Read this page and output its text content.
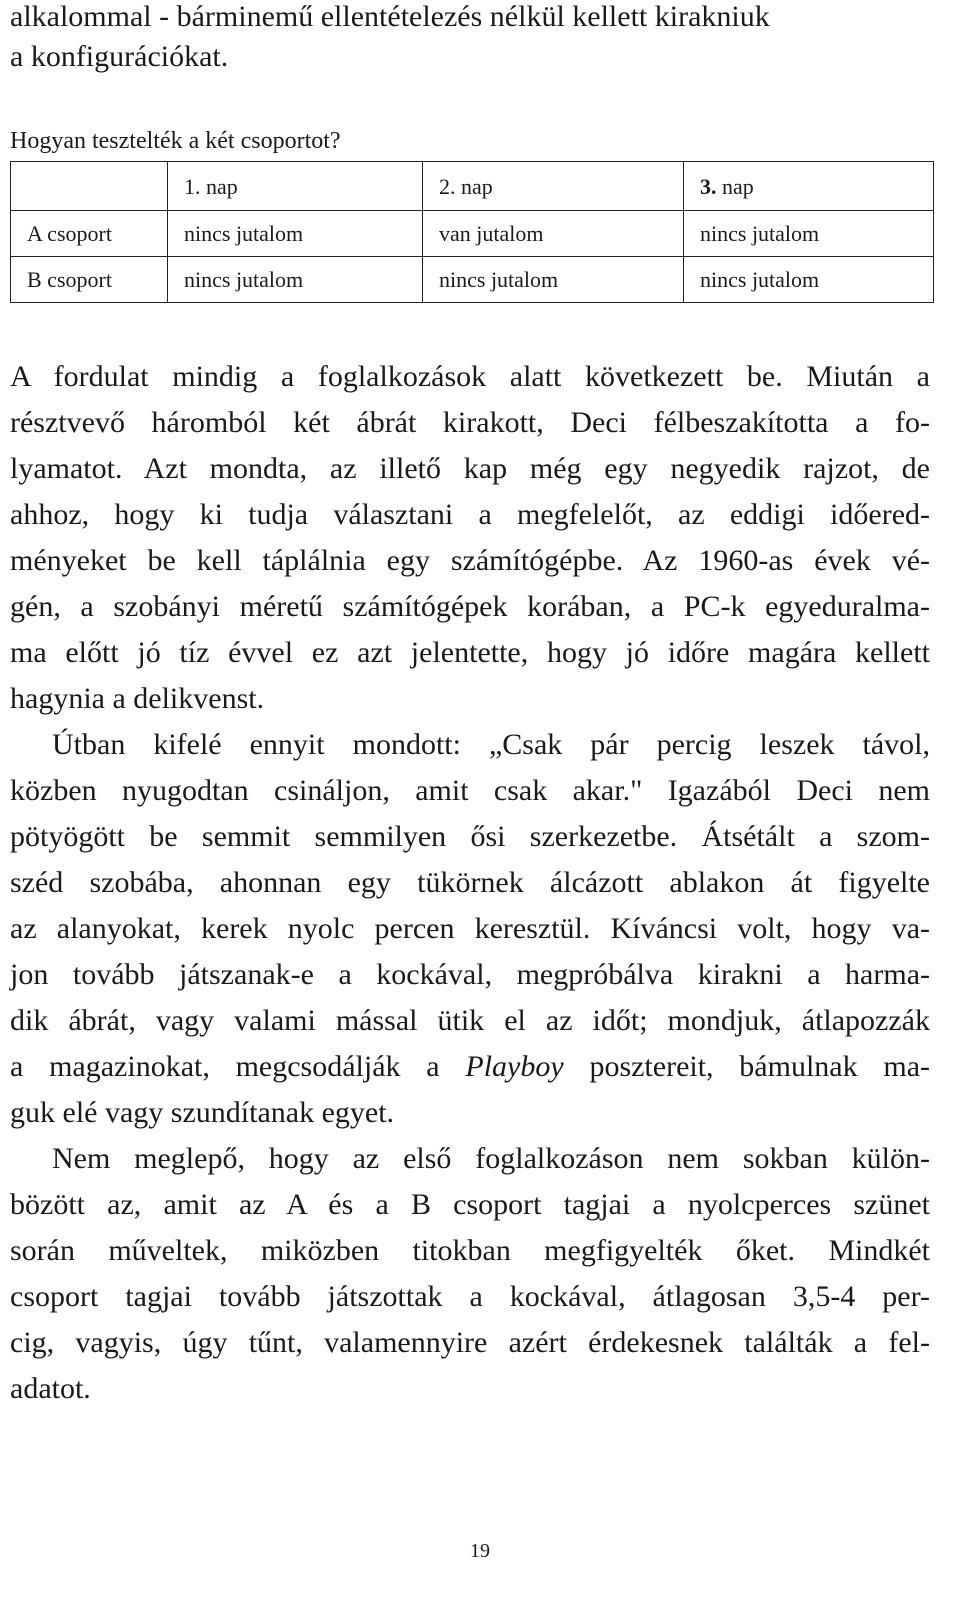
alkalommal - bárminemű ellentételezés nélkül kellett kirakniuk
a konfigurációkat.
Hogyan tesztelték a két csoportot?
	1. nap	2. nap	3. nap
A csoport	nincs jutalom	van jutalom	nincs jutalom
B csoport	nincs jutalom	nincs jutalom	nincs jutalom
A fordulat mindig a foglalkozások alatt következett be. Miután a
résztvevő háromból két ábrát kirakott, Deci félbeszakította a fo-
lyamatot. Azt mondta, az illető kap még egy negyedik rajzot, de
ahhoz, hogy ki tudja választani a megfelelőt, az eddigi időered-
ményeket be kell táplálnia egy számítógépbe. Az 1960-as évek vé-
gén, a szobányi méretű számítógépek korában, a PC-k egyeduralma-
ma előtt jó tíz évvel ez azt jelentette, hogy jó időre magára kellett
hagynia a delikvenst.
Útban kifelé ennyit mondott: „Csak pár percig leszek távol,
közben nyugodtan csináljon, amit csak akar." Igazából Deci nem
pötyögött be semmit semmilyen ősi szerkezetbe. Átsétált a szom-
széd szobába, ahonnan egy tükörnek álcázott ablakon át figyelte
az alanyokat, kerek nyolc percen keresztül. Kíváncsi volt, hogy va-
jon tovább játszanak-e a kockával, megpróbálva kirakni a harma-
dik ábrát, vagy valami mással ütik el az időt; mondjuk, átlapozzák
a magazinokat, megcsodálják a Playboy posztereit, bámulnak ma-
guk elé vagy szundítanak egyet.
Nem meglepő, hogy az első foglalkozáson nem sokban külön-
bözött az, amit az A és a B csoport tagjai a nyolcperces szünet
során műveltek, miközben titokban megfigyelték őket. Mindkét
csoport tagjai tovább játszottak a kockával, átlagosan 3,5-4 per-
cig, vagyis, úgy tűnt, valamennyire azért érdekesnek találták a fel-
adatot.
19
